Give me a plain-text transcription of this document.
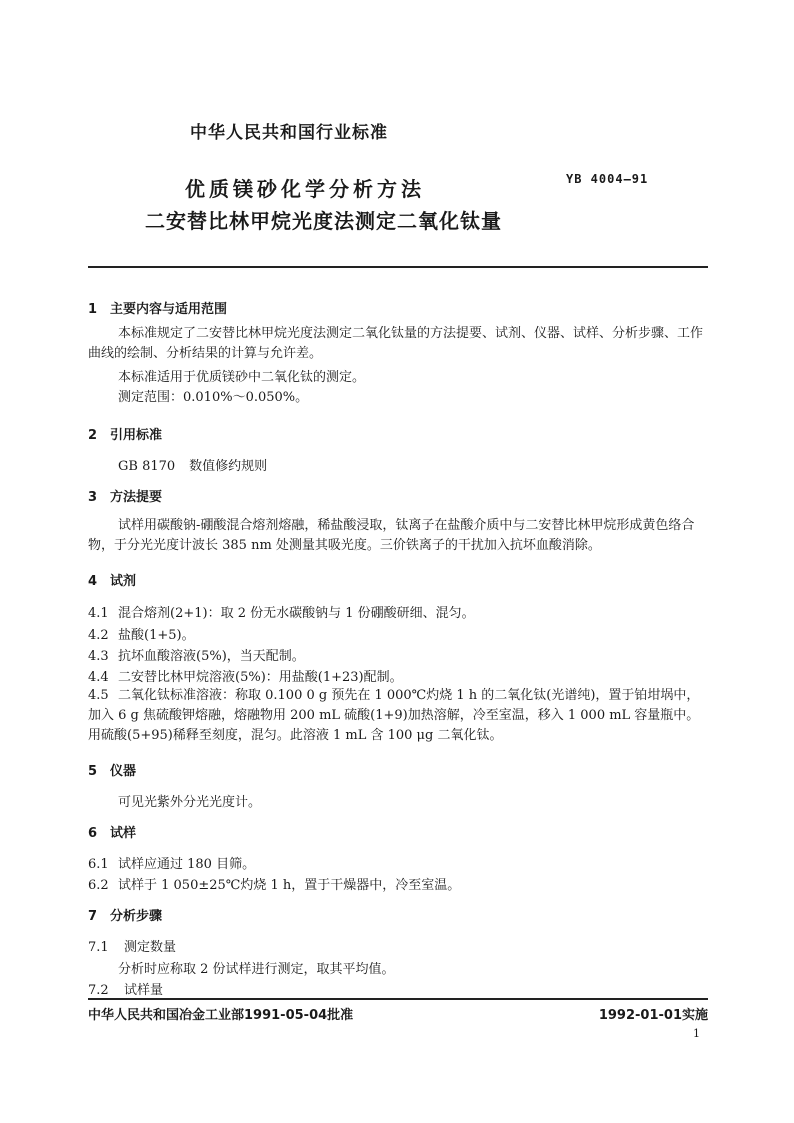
中华人民共和国行业标准
优质镁砂化学分析方法
二安替比林甲烷光度法测定二氧化钛量
YB 4004—91
1 主要内容与适用范围
本标准规定了二安替比林甲烷光度法测定二氧化钛量的方法提要、试剂、仪器、试样、分析步骤、工作曲线的绘制、分析结果的计算与允许差。
本标准适用于优质镁砂中二氧化钛的测定。
测定范围：0.010%～0.050%。
2 引用标准
GB 8170 数值修约规则
3 方法提要
试样用碳酸钠-硼酸混合熔剂熔融，稀盐酸浸取，钛离子在盐酸介质中与二安替比林甲烷形成黄色络合物，于分光光度计波长 385 nm 处测量其吸光度。三价铁离子的干扰加入抗坏血酸消除。
4 试剂
4.1 混合熔剂(2+1)：取 2 份无水碳酸钠与 1 份硼酸研细、混匀。
4.2 盐酸(1+5)。
4.3 抗坏血酸溶液(5%)，当天配制。
4.4 二安替比林甲烷溶液(5%)：用盐酸(1+23)配制。
4.5 二氧化钛标准溶液：称取 0.100 0 g 预先在 1 000℃灼烧 1 h 的二氧化钛(光谱纯)，置于铂坩埚中，加入 6 g 焦硫酸钾熔融，熔融物用 200 mL 硫酸(1+9)加热溶解，冷至室温，移入 1 000 mL 容量瓶中。用硫酸(5+95)稀释至刻度，混匀。此溶液 1 mL 含 100 μg 二氧化钛。
5 仪器
可见光紫外分光光度计。
6 试样
6.1 试样应通过 180 目筛。
6.2 试样于 1 050±25℃灼烧 1 h，置于干燥器中，冷至室温。
7 分析步骤
7.1 测定数量
分析时应称取 2 份试样进行测定，取其平均值。
7.2 试样量
中华人民共和国冶金工业部1991-05-04批准	1992-01-01实施
1
